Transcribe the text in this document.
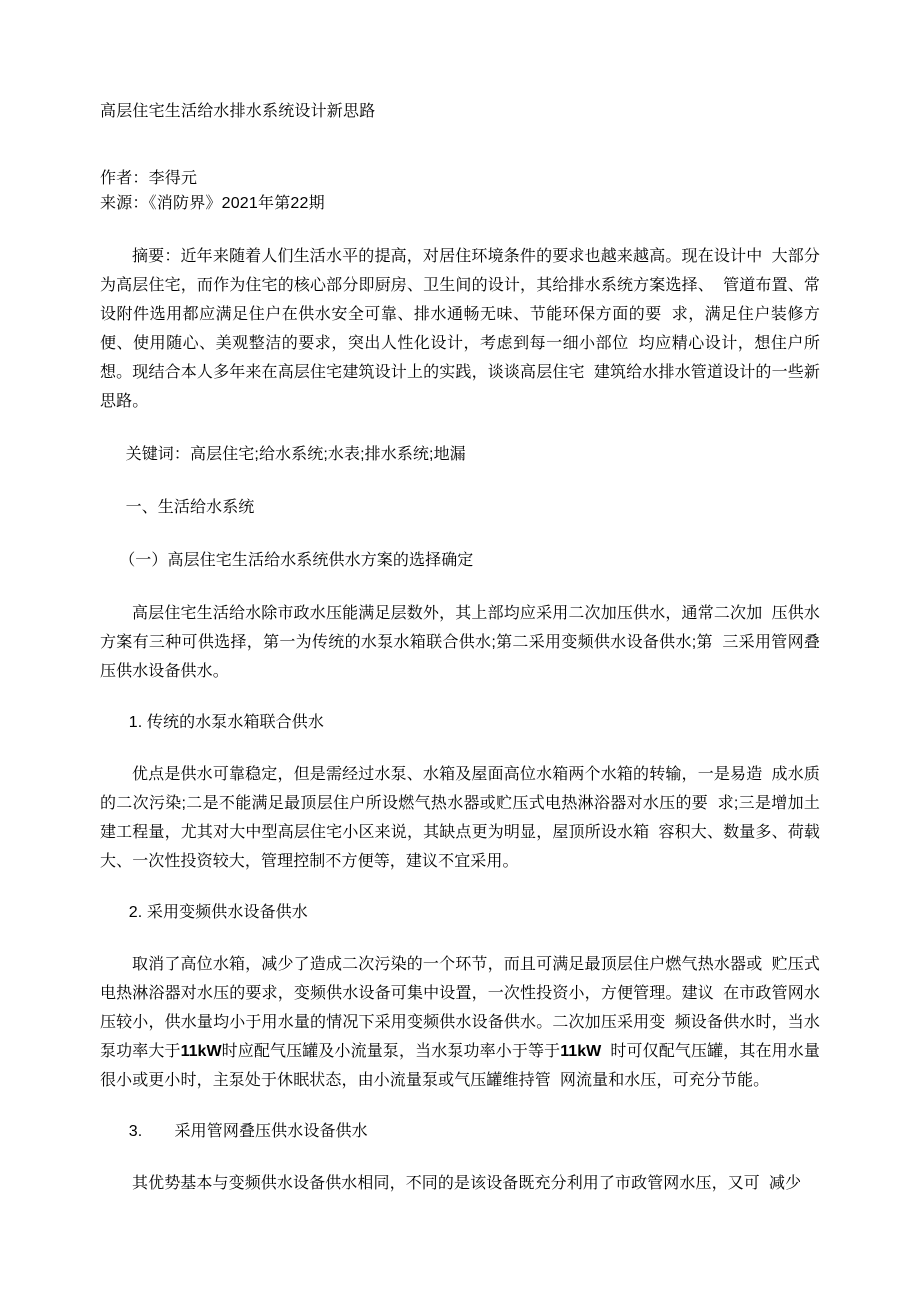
高层住宅生活给水排水系统设计新思路

作者：李得元

来源：《消防界》2021年第22期

摘要：近年来随着人们生活水平的提高，对居住环境条件的要求也越来越高。现在设计中  大部分为高层住宅，而作为住宅的核心部分即厨房、卫生间的设计，其给排水系统方案选择、  管道布置、常设附件选用都应满足住户在供水安全可靠、排水通畅无味、节能环保方面的要  求，满足住户装修方便、使用随心、美观整洁的要求，突出人性化设计，考虑到每一细小部位  均应精心设计，想住户所想。现结合本人多年来在高层住宅建筑设计上的实践，谈谈高层住宅  建筑给水排水管道设计的一些新思路。

关键词：高层住宅;给水系统;水表;排水系统;地漏

一、生活给水系统

（一）高层住宅生活给水系统供水方案的选择确定

高层住宅生活给水除市政水压能满足层数外，其上部均应采用二次加压供水，通常二次加  压供水方案有三种可供选择，第一为传统的水泵水箱联合供水;第二采用变频供水设备供水;第  三采用管网叠压供水设备供水。

1. 传统的水泵水箱联合供水

优点是供水可靠稳定，但是需经过水泵、水箱及屋面高位水箱两个水箱的转输，一是易造  成水质的二次污染;二是不能满足最顶层住户所设燃气热水器或贮压式电热淋浴器对水压的要  求;三是增加土建工程量，尤其对大中型高层住宅小区来说，其缺点更为明显，屋顶所设水箱  容积大、数量多、荷载大、一次性投资较大，管理控制不方便等，建议不宜采用。

2. 采用变频供水设备供水

取消了高位水箱，减少了造成二次污染的一个环节，而且可满足最顶层住户燃气热水器或  贮压式电热淋浴器对水压的要求，变频供水设备可集中设置，一次性投资小，方便管理。建议  在市政管网水压较小，供水量均小于用水量的情况下采用变频供水设备供水。二次加压采用变  频设备供水时，当水泵功率大于11kW时应配气压罐及小流量泵，当水泵功率小于等于11kW  时可仅配气压罐，其在用水量很小或更小时，主泵处于休眠状态，由小流量泵或气压罐维持管  网流量和水压，可充分节能。

3.　　采用管网叠压供水设备供水

其优势基本与变频供水设备供水相同，不同的是该设备既充分利用了市政管网水压，又可  减少
